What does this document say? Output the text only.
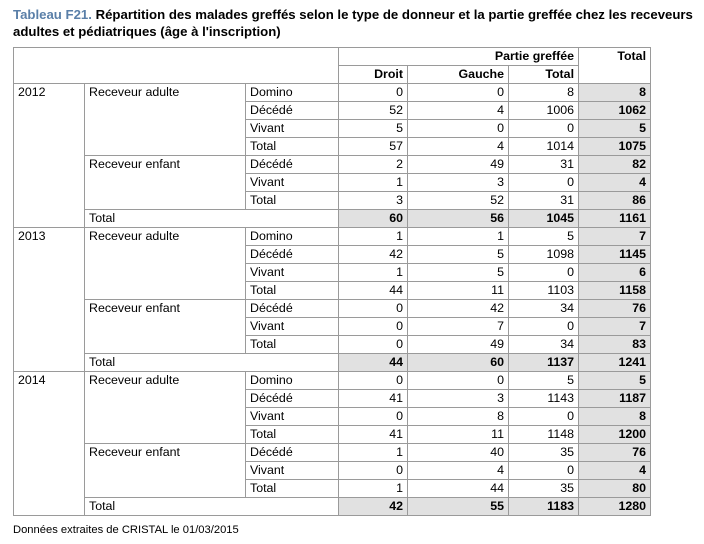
Tableau F21. Répartition des malades greffés selon le type de donneur et la partie greffée chez les receveurs adultes et pédiatriques (âge à l'inscription)
			Partie greffée			Total
			Droit	Gauche	Total	
2012	Receveur adulte	Domino	0	0	8	8
		Décédé	52	4	1006	1062
		Vivant	5	0	0	5
		Total	57	4	1014	1075
	Receveur enfant	Décédé	2	49	31	82
		Vivant	1	3	0	4
		Total	3	52	31	86
	Total		60	56	1045	1161
2013	Receveur adulte	Domino	1	1	5	7
		Décédé	42	5	1098	1145
		Vivant	1	5	0	6
		Total	44	11	1103	1158
	Receveur enfant	Décédé	0	42	34	76
		Vivant	0	7	0	7
		Total	0	49	34	83
	Total		44	60	1137	1241
2014	Receveur adulte	Domino	0	0	5	5
		Décédé	41	3	1143	1187
		Vivant	0	8	0	8
		Total	41	11	1148	1200
	Receveur enfant	Décédé	1	40	35	76
		Vivant	0	4	0	4
		Total	1	44	35	80
	Total		42	55	1183	1280
Données extraites de CRISTAL le 01/03/2015
